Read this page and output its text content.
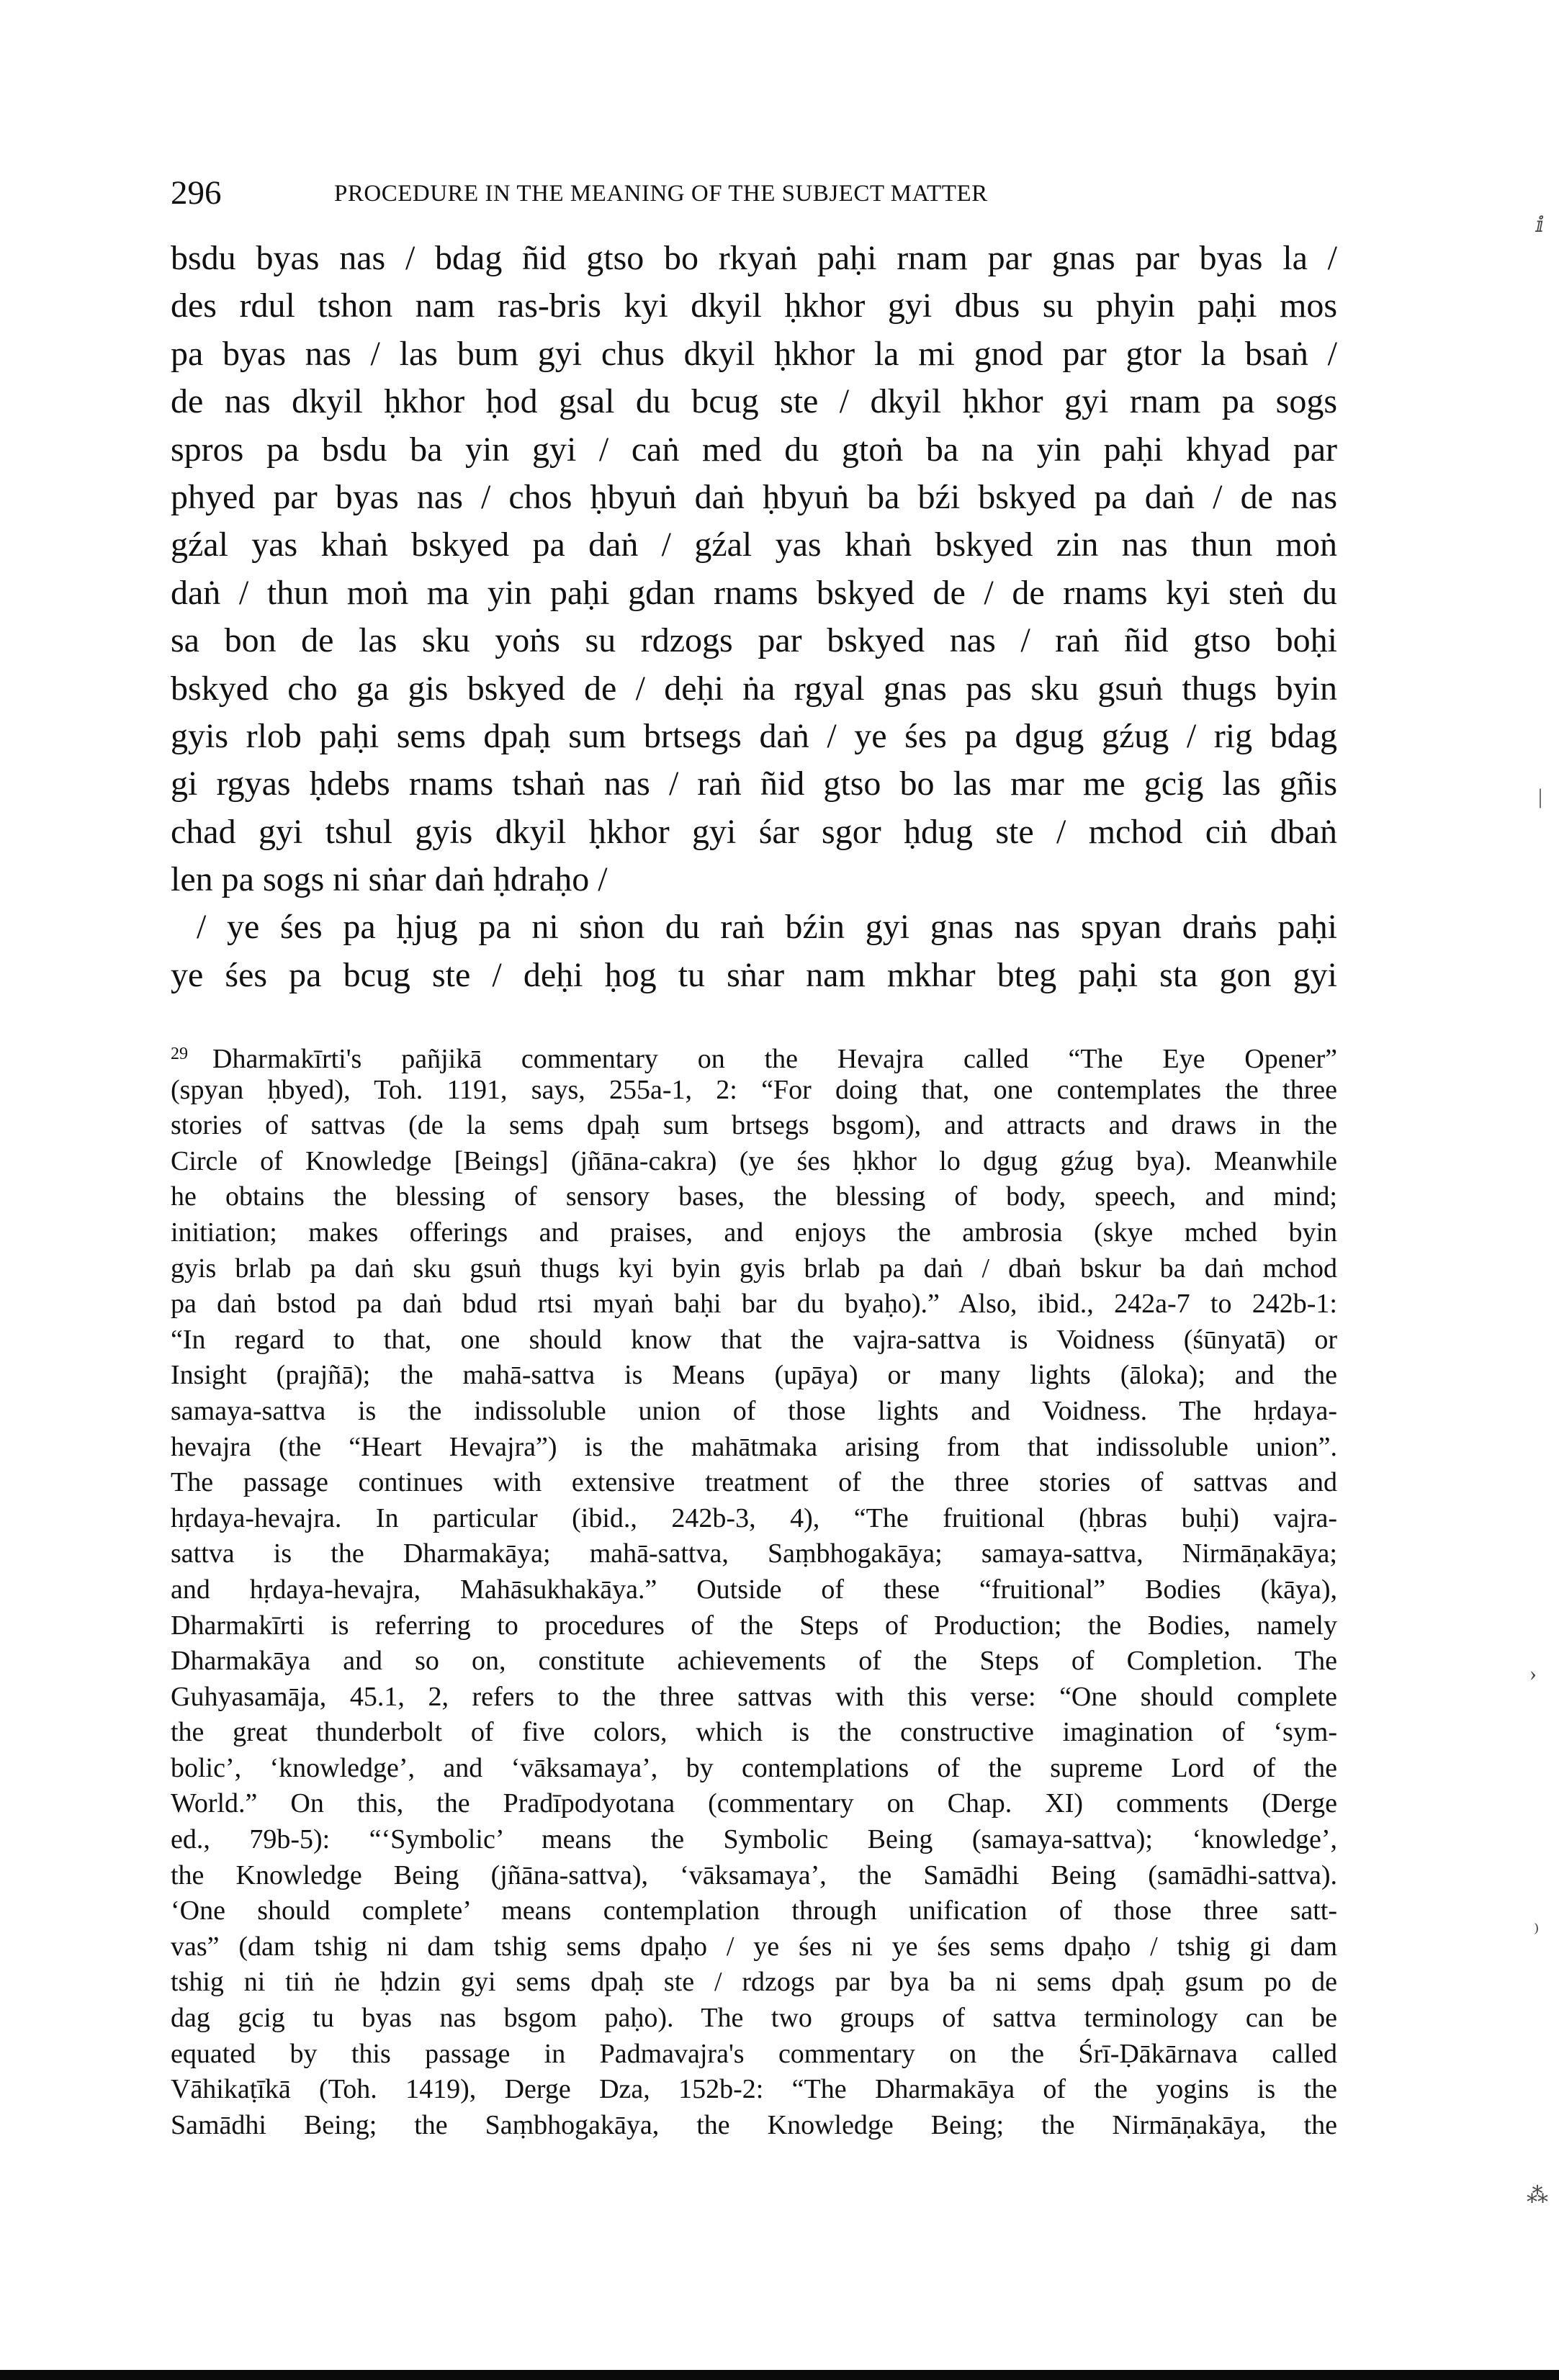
296	PROCEDURE IN THE MEANING OF THE SUBJECT MATTER
bsdu byas nas / bdag ñid gtso bo rkyaṅ paḥi rnam par gnas par byas la /
des rdul tshon nam ras-bris kyi dkyil ḥkhor gyi dbus su phyin paḥi mos
pa byas nas / las bum gyi chus dkyil ḥkhor la mi gnod par gtor la bsaṅ /
de nas dkyil ḥkhor ḥod gsal du bcug ste / dkyil ḥkhor gyi rnam pa sogs
spros pa bsdu ba yin gyi / caṅ med du gtoṅ ba na yin paḥi khyad par
phyed par byas nas / chos ḥbyuṅ daṅ ḥbyuṅ ba bźi bskyed pa daṅ / de nas
gźal yas khaṅ bskyed pa daṅ / gźal yas khaṅ bskyed zin nas thun moṅ
daṅ / thun moṅ ma yin paḥi gdan rnams bskyed de / de rnams kyi steṅ du
sa bon de las sku yoṅs su rdzogs par bskyed nas / raṅ ñid gtso boḥi
bskyed cho ga gis bskyed de / deḥi ṅa rgyal gnas pas sku gsuṅ thugs byin
gyis rlob paḥi sems dpaḥ sum brtsegs daṅ / ye śes pa dgug gźug / rig bdag
gi rgyas ḥdebs rnams tshaṅ nas / raṅ ñid gtso bo las mar me gcig las gñis
chad gyi tshul gyis dkyil ḥkhor gyi śar sgor ḥdug ste / mchod ciṅ dbaṅ
len pa sogs ni sṅar daṅ ḥdraḥo /
/ ye śes pa ḥjug pa ni sṅon du raṅ bźin gyi gnas nas spyan draṅs paḥi
ye śes pa bcug ste / deḥi ḥog tu sṅar nam mkhar bteg paḥi sta gon gyi
$^{29}$ Dharmakīrti's pañjikā commentary on the Hevajra called “The Eye Opener”
(spyan ḥbyed), Toh. 1191, says, 255a-1, 2: “For doing that, one contemplates the three
stories of sattvas (de la sems dpaḥ sum brtsegs bsgom), and attracts and draws in the
Circle of Knowledge [Beings] (jñāna-cakra) (ye śes ḥkhor lo dgug gźug bya). Meanwhile
he obtains the blessing of sensory bases, the blessing of body, speech, and mind;
initiation; makes offerings and praises, and enjoys the ambrosia (skye mched byin
gyis brlab pa daṅ sku gsuṅ thugs kyi byin gyis brlab pa daṅ / dbaṅ bskur ba daṅ mchod
pa daṅ bstod pa daṅ bdud rtsi myaṅ baḥi bar du byaḥo).” Also, ibid., 242a-7 to 242b-1:
“In regard to that, one should know that the vajra-sattva is Voidness (śūnyatā) or
Insight (prajñā); the mahā-sattva is Means (upāya) or many lights (āloka); and the
samaya-sattva is the indissoluble union of those lights and Voidness. The hṛdaya-
hevajra (the “Heart Hevajra”) is the mahātmaka arising from that indissoluble union”.
The passage continues with extensive treatment of the three stories of sattvas and
hṛdaya-hevajra. In particular (ibid., 242b-3, 4), “The fruitional (ḥbras buḥi) vajra-
sattva is the Dharmakāya; mahā-sattva, Saṃbhogakāya; samaya-sattva, Nirmāṇakāya;
and hṛdaya-hevajra, Mahāsukhakāya.” Outside of these “fruitional” Bodies (kāya),
Dharmakīrti is referring to procedures of the Steps of Production; the Bodies, namely
Dharmakāya and so on, constitute achievements of the Steps of Completion. The
Guhyasamāja, 45.1, 2, refers to the three sattvas with this verse: “One should complete
the great thunderbolt of five colors, which is the constructive imagination of ‘sym-
bolic’, ‘knowledge’, and ‘vāksamaya’, by contemplations of the supreme Lord of the
World.” On this, the Pradīpodyotana (commentary on Chap. XI) comments (Derge
ed., 79b-5): “‘Symbolic’ means the Symbolic Being (samaya-sattva); ‘knowledge’,
the Knowledge Being (jñāna-sattva), ‘vāksamaya’, the Samādhi Being (samādhi-sattva).
‘One should complete’ means contemplation through unification of those three satt-
vas” (dam tshig ni dam tshig sems dpaḥo / ye śes ni ye śes sems dpaḥo / tshig gi dam
tshig ni tiṅ ṅe ḥdzin gyi sems dpaḥ ste / rdzogs par bya ba ni sems dpaḥ gsum po de
dag gcig tu byas nas bsgom paḥo). The two groups of sattva terminology can be
equated by this passage in Padmavajra's commentary on the Śrī-Ḍākārnava called
Vāhikaṭīkā (Toh. 1419), Derge Dza, 152b-2: “The Dharmakāya of the yogins is the
Samādhi Being; the Saṃbhogakāya, the Knowledge Being; the Nirmāṇakāya, the
ⅈ
|
›
⁾
⁂
